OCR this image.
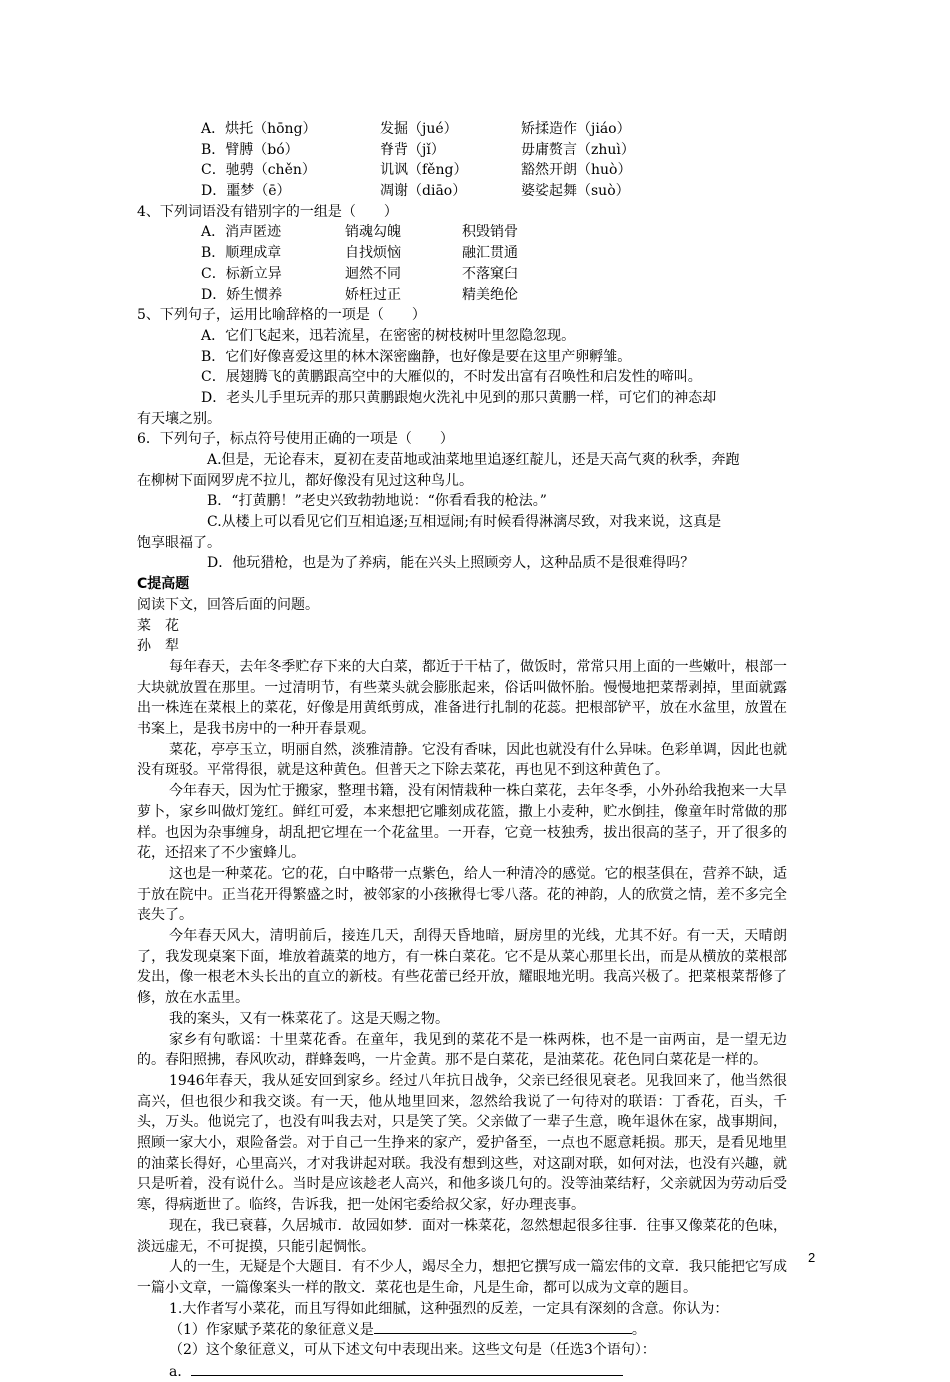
A．烘托（hōng）	发掘（jué）	矫揉造作（jiáo）
B．臂膊（bó）	脊背（jǐ）	毋庸赘言（zhuì）
C．驰骋（chěn）	讥讽（fěng）	豁然开朗（huò）
D．噩梦（ē）	凋谢（diāo）	婆娑起舞（suò）
4、下列词语没有错别字的一组是（　　）
A．消声匿迹	销魂勾魄	积毁销骨
B．顺理成章	自找烦恼	融汇贯通
C．标新立异	迴然不同	不落窠臼
D．娇生惯养	娇枉过正	精美绝伦
5、下列句子，运用比喻辞格的一项是（　　）
A．它们飞起来，迅若流星，在密密的树枝树叶里忽隐忽现。
B．它们好像喜爱这里的林木深密幽静，也好像是要在这里产卵孵雏。
C．展翅腾飞的黄鹏跟高空中的大雁似的，不时发出富有召唤性和启发性的啼叫。
D．老头儿手里玩弄的那只黄鹏跟炮火洗礼中见到的那只黄鹏一样，可它们的神态却
有天壤之别。
6．下列句子，标点符号使用正确的一项是（　　）
A.但是，无论春末，夏初在麦苗地或油菜地里追逐红靛儿，还是天高气爽的秋季，奔跑
在柳树下面网罗虎不拉儿，都好像没有见过这种鸟儿。
B．“打黄鹏！”老史兴致勃勃地说：“你看看我的枪法。”
C.从楼上可以看见它们互相追逐;互相逗闹;有时候看得淋漓尽致，对我来说，这真是
饱享眼福了。
D．他玩猎枪，也是为了养病，能在兴头上照顾旁人，这种品质不是很难得吗？
C提高题
阅读下文，回答后面的问题。
菜　花
孙　犁
每年春天，去年冬季贮存下来的大白菜，都近于干枯了，做饭时，常常只用上面的一些嫩叶，根部一大块就放置在那里。一过清明节，有些菜头就会膨胀起来，俗话叫做怀胎。慢慢地把菜帮剥掉，里面就露出一株连在菜根上的菜花，好像是用黄纸剪成，准备进行扎制的花蕊。把根部铲平，放在水盆里，放置在书案上，是我书房中的一种开春景观。
菜花，亭亭玉立，明丽自然，淡雅清静。它没有香味，因此也就没有什么异味。色彩单调，因此也就没有斑驳。平常得很，就是这种黄色。但普天之下除去菜花，再也见不到这种黄色了。
今年春天，因为忙于搬家，整理书籍，没有闲情栽种一株白菜花，去年冬季，小外孙给我抱来一大旱萝卜，家乡叫做灯笼红。鲜红可爱，本来想把它雕刻成花篮，撒上小麦种，贮水倒挂，像童年时常做的那样。也因为杂事缠身，胡乱把它埋在一个花盆里。一开春，它竟一枝独秀，拔出很高的茎子，开了很多的花，还招来了不少蜜蜂儿。
这也是一种菜花。它的花，白中略带一点紫色，给人一种清冷的感觉。它的根茎俱在，营养不缺，适于放在院中。正当花开得繁盛之时，被邻家的小孩揪得七零八落。花的神韵，人的欣赏之情，差不多完全丧失了。
今年春天风大，清明前后，接连几天，刮得天昏地暗，厨房里的光线，尤其不好。有一天，天晴朗了，我发现桌案下面，堆放着蔬菜的地方，有一株白菜花。它不是从菜心那里长出，而是从横放的菜根部发出，像一根老木头长出的直立的新枝。有些花蕾已经开放，耀眼地光明。我高兴极了。把菜根菜帮修了修，放在水盂里。
我的案头，又有一株菜花了。这是天赐之物。
家乡有句歌谣：十里菜花香。在童年，我见到的菜花不是一株两株，也不是一亩两亩，是一望无边的。春阳照拂，春风吹动，群蜂轰鸣，一片金黄。那不是白菜花，是油菜花。花色同白菜花是一样的。
1946年春天，我从延安回到家乡。经过八年抗日战争，父亲已经很见衰老。见我回来了，他当然很高兴，但也很少和我交谈。有一天，他从地里回来，忽然给我说了一句待对的联语：丁香花，百头，千头，万头。他说完了，也没有叫我去对，只是笑了笑。父亲做了一辈子生意，晚年退休在家，战事期间，照顾一家大小，艰险备尝。对于自己一生挣来的家产，爱护备至，一点也不愿意耗损。那天，是看见地里的油菜长得好，心里高兴，才对我讲起对联。我没有想到这些，对这副对联，如何对法，也没有兴趣，就只是听着，没有说什么。当时是应该趁老人高兴，和他多谈几句的。没等油菜结籽，父亲就因为劳动后受寒，得病逝世了。临终，告诉我，把一处闲宅委给叔父家，好办理丧事。
现在，我已衰暮，久居城市．故园如梦．面对一株菜花，忽然想起很多往事．往事又像菜花的色味，淡远虚无，不可捉摸，只能引起惆怅。
人的一生，无疑是个大题目．有不少人，竭尽全力，想把它撰写成一篇宏伟的文章．我只能把它写成一篇小文章，一篇像案头一样的散文．菜花也是生命，凡是生命，都可以成为文章的题目。
1.大作者写小菜花，而且写得如此细腻，这种强烈的反差，一定具有深刻的含意。你认为：
（1）作家赋予菜花的象征意义是	。
（2）这个象征意义，可从下述文句中表现出来。这些文句是（任选3个语句）：
a．
2
